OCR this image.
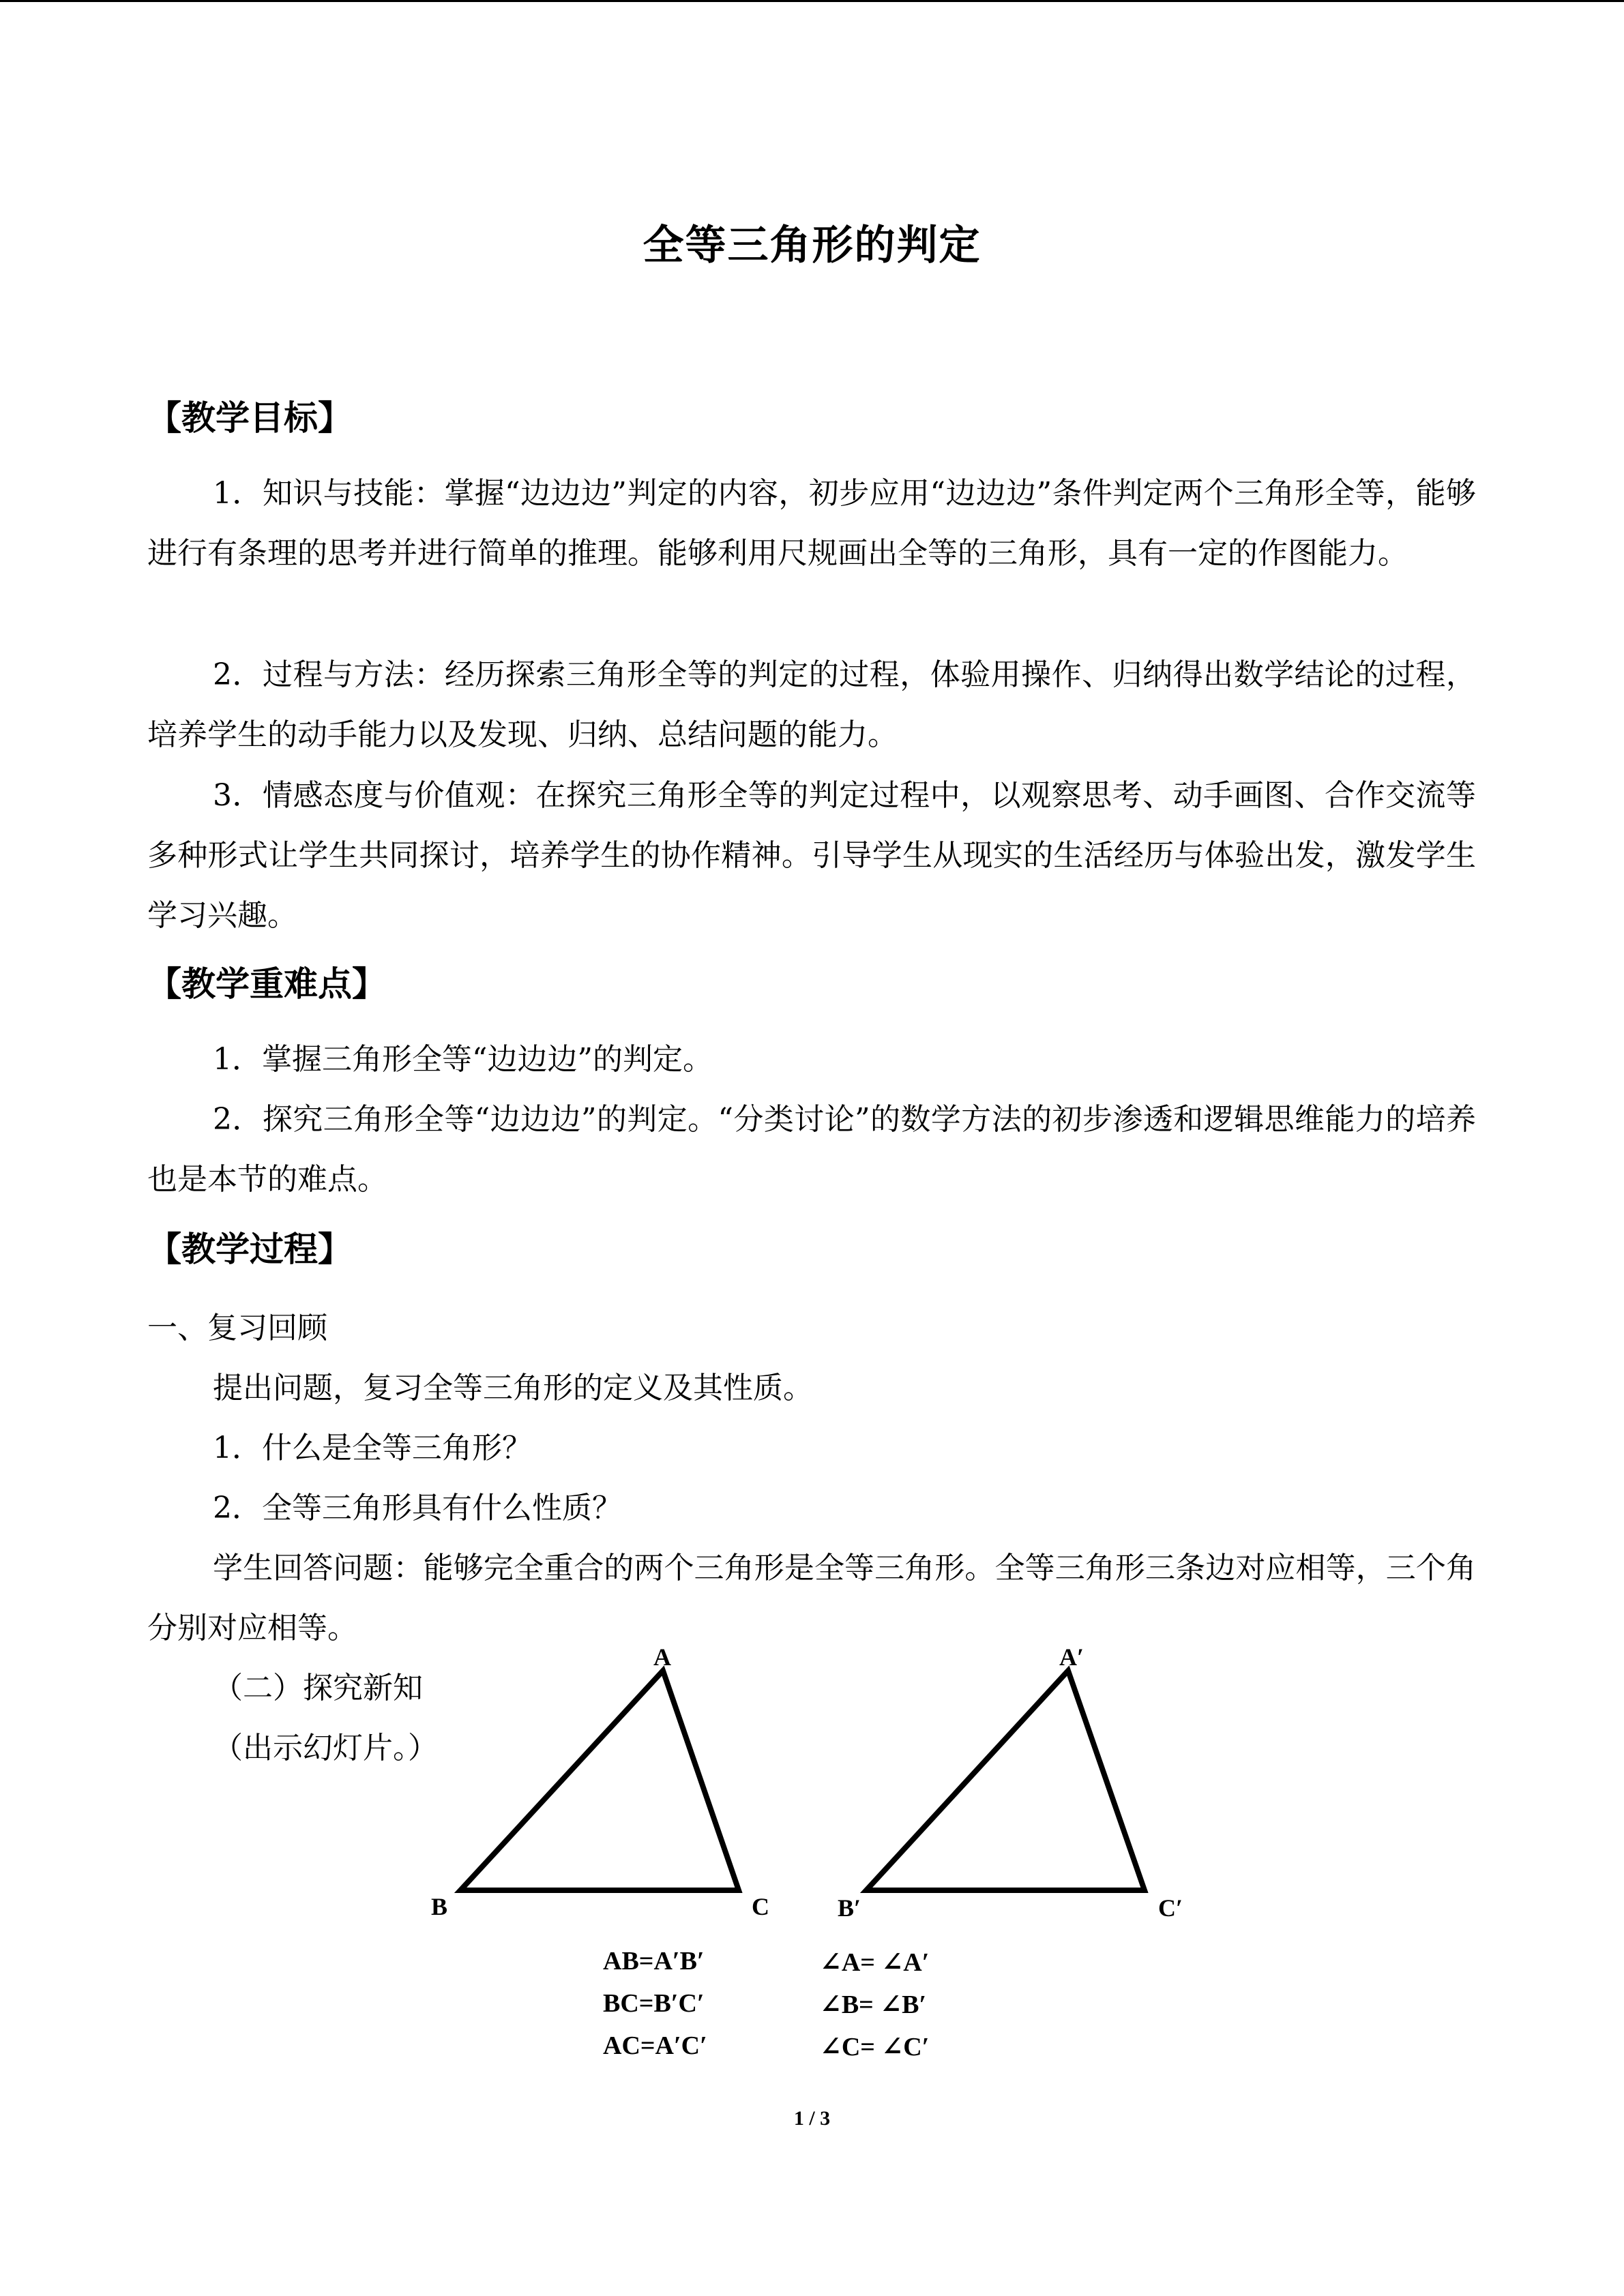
全等三角形的判定
【教学目标】

1．知识与技能：掌握“边边边”判定的内容，初步应用“边边边”条件判定两个三角形全等，能够进行有条理的思考并进行简单的推理。能够利用尺规画出全等的三角形，具有一定的作图能力。

2．过程与方法：经历探索三角形全等的判定的过程，体验用操作、归纳得出数学结论的过程，培养学生的动手能力以及发现、归纳、总结问题的能力。

3．情感态度与价值观：在探究三角形全等的判定过程中，以观察思考、动手画图、合作交流等多种形式让学生共同探讨，培养学生的协作精神。引导学生从现实的生活经历与体验出发，激发学生学习兴趣。

【教学重难点】

1．掌握三角形全等“边边边”的判定。

2．探究三角形全等“边边边”的判定。“分类讨论”的数学方法的初步渗透和逻辑思维能力的培养也是本节的难点。

【教学过程】
一、复习回顾
提出问题，复习全等三角形的定义及其性质。
1．什么是全等三角形？
2．全等三角形具有什么性质？

学生回答问题：能够完全重合的两个三角形是全等三角形。全等三角形三条边对应相等，三个角分别对应相等。

（二）探究新知
（出示幻灯片。）
A
B	C
A′
B′	C′
AB=A′B′
BC=B′C′
AC=A′C′
∠A= ∠A′
∠B= ∠B′
∠C= ∠C′
1 / 3
